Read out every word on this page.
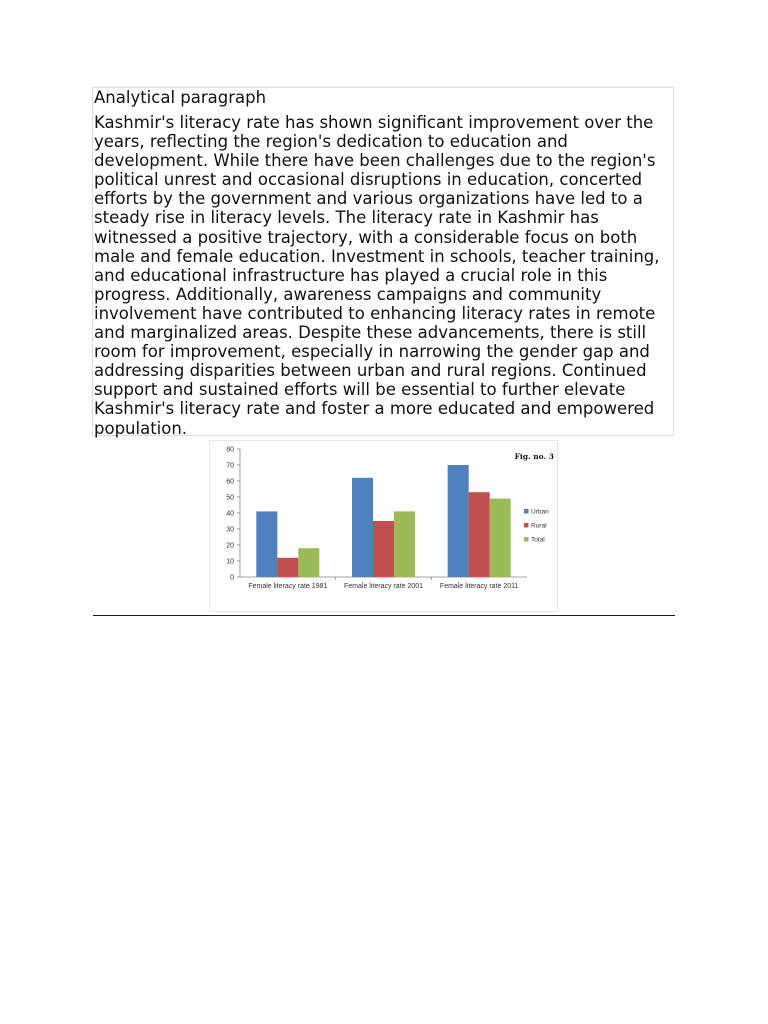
Analytical paragraph

Kashmir's literacy rate has shown significant improvement over the years, reflecting the region's dedication to education and development. While there have been challenges due to the region's political unrest and occasional disruptions in education, concerted efforts by the government and various organizations have led to a steady rise in literacy levels. The literacy rate in Kashmir has witnessed a positive trajectory, with a considerable focus on both male and female education. Investment in schools, teacher training, and educational infrastructure has played a crucial role in this progress. Additionally, awareness campaigns and community involvement have contributed to enhancing literacy rates in remote and marginalized areas. Despite these advancements, there is still room for improvement, especially in narrowing the gender gap and addressing disparities between urban and rural regions. Continued support and sustained efforts will be essential to further elevate Kashmir's literacy rate and foster a more educated and empowered population.

0
10
20
30
40
50
60
70
80
Female literacy rate 1981 Female literacy rate 2001 Female literacy rate 2011
Fig. no. 3
Urban
Rural
Total
